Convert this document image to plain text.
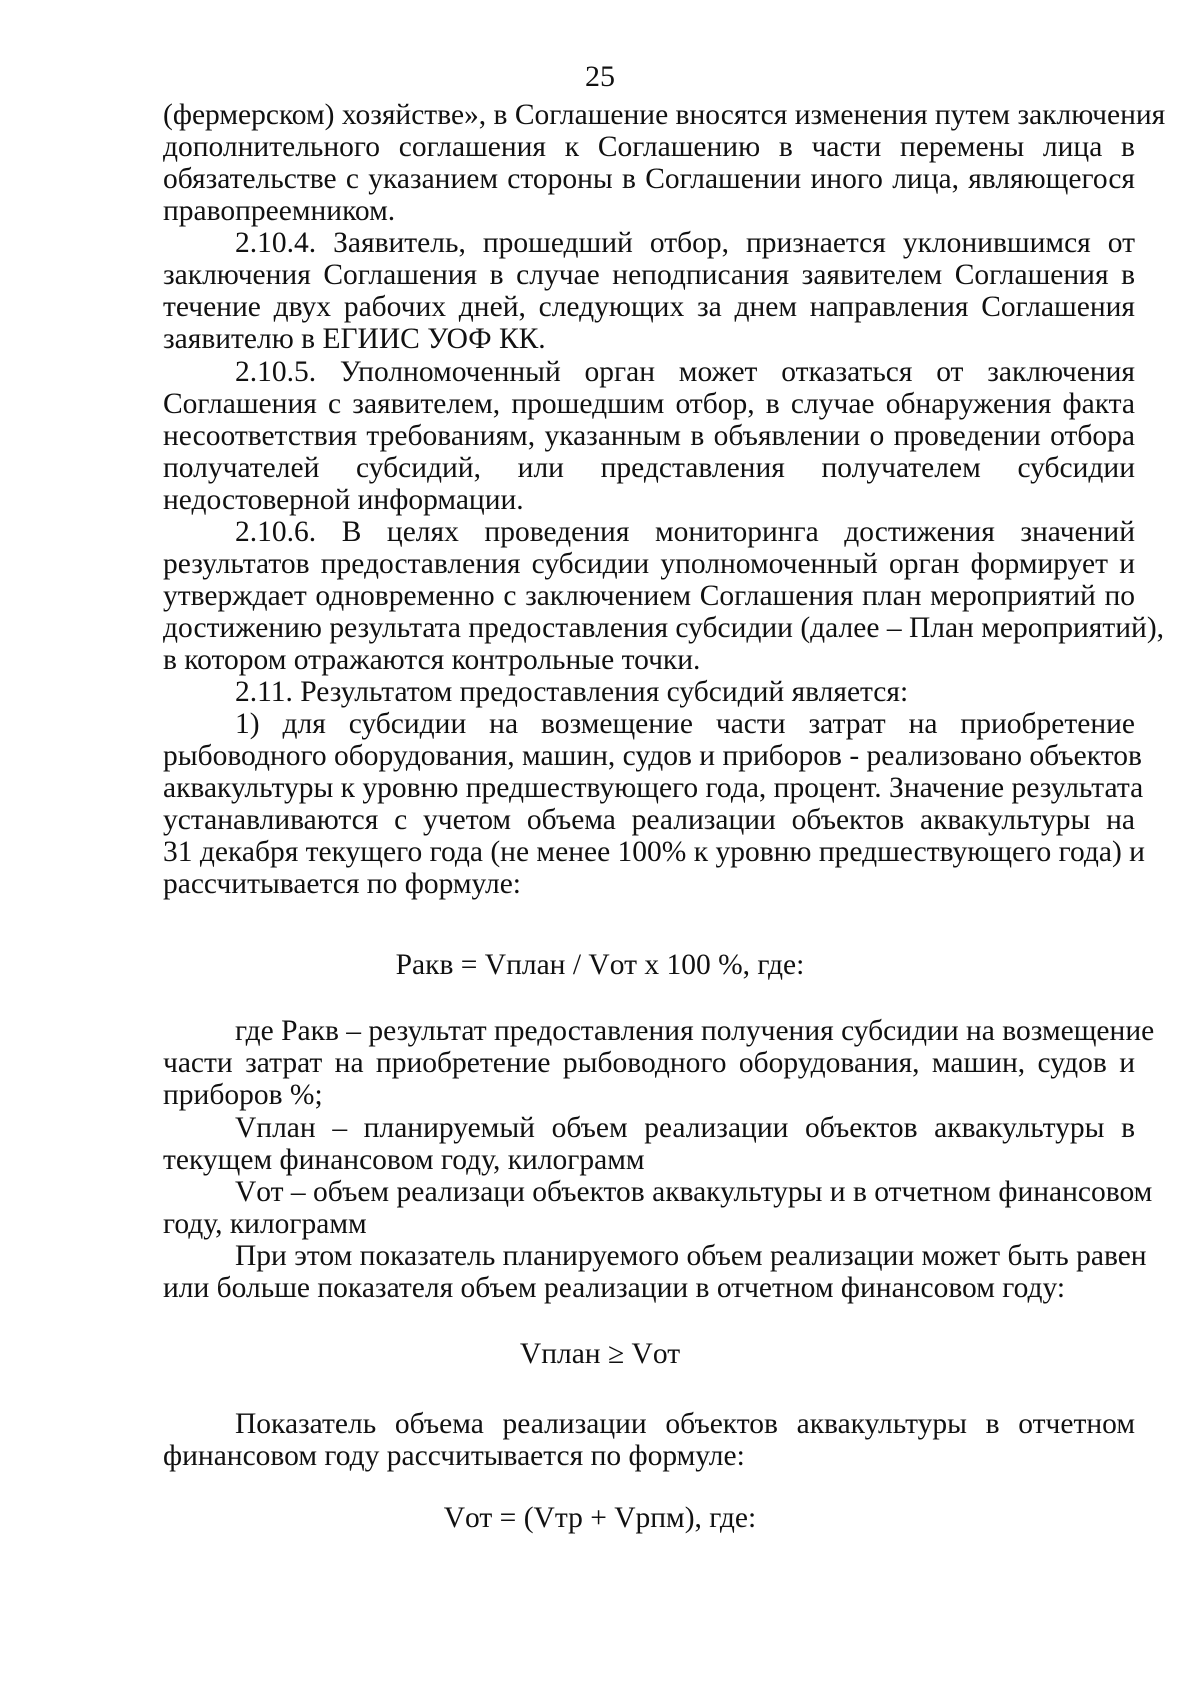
25
(фермерском) хозяйстве», в Соглашение вносятся изменения путем заключения
дополнительного соглашения к Соглашению в части перемены лица в
обязательстве с указанием стороны в Соглашении иного лица, являющегося
правопреемником.
2.10.4. Заявитель, прошедший отбор, признается уклонившимся от
заключения Соглашения в случае неподписания заявителем Соглашения в
течение двух рабочих дней, следующих за днем направления Соглашения
заявителю в ЕГИИС УОФ КК.
2.10.5. Уполномоченный орган может отказаться от заключения
Соглашения с заявителем, прошедшим отбор, в случае обнаружения факта
несоответствия требованиям, указанным в объявлении о проведении отбора
получателей субсидий, или представления получателем субсидии
недостоверной информации.
2.10.6. В целях проведения мониторинга достижения значений
результатов предоставления субсидии уполномоченный орган формирует и
утверждает одновременно с заключением Соглашения план мероприятий по
достижению результата предоставления субсидии (далее – План мероприятий),
в котором отражаются контрольные точки.
2.11. Результатом предоставления субсидий является:
1) для субсидии на возмещение части затрат на приобретение
рыбоводного оборудования, машин, судов и приборов - реализовано объектов
аквакультуры к уровню предшествующего года, процент. Значение результата
устанавливаются с учетом объема реализации объектов аквакультуры на
31 декабря текущего года (не менее 100% к уровню предшествующего года) и
рассчитывается по формуле:
Ракв = Vплан / Vот x 100 %, где:
где Ракв – результат предоставления получения субсидии на возмещение
части затрат на приобретение рыбоводного оборудования, машин, судов и
приборов %;
Vплан – планируемый объем реализации объектов аквакультуры в
текущем финансовом году, килограмм
Vот – объем реализаци объектов аквакультуры и в отчетном финансовом
году, килограмм
При этом показатель планируемого объем реализации может быть равен
или больше показателя объем реализации в отчетном финансовом году:
Vплан ≥ Vот
Показатель объема реализации объектов аквакультуры в отчетном
финансовом году рассчитывается по формуле:
Vот = (Vтр + Vрпм), где:
